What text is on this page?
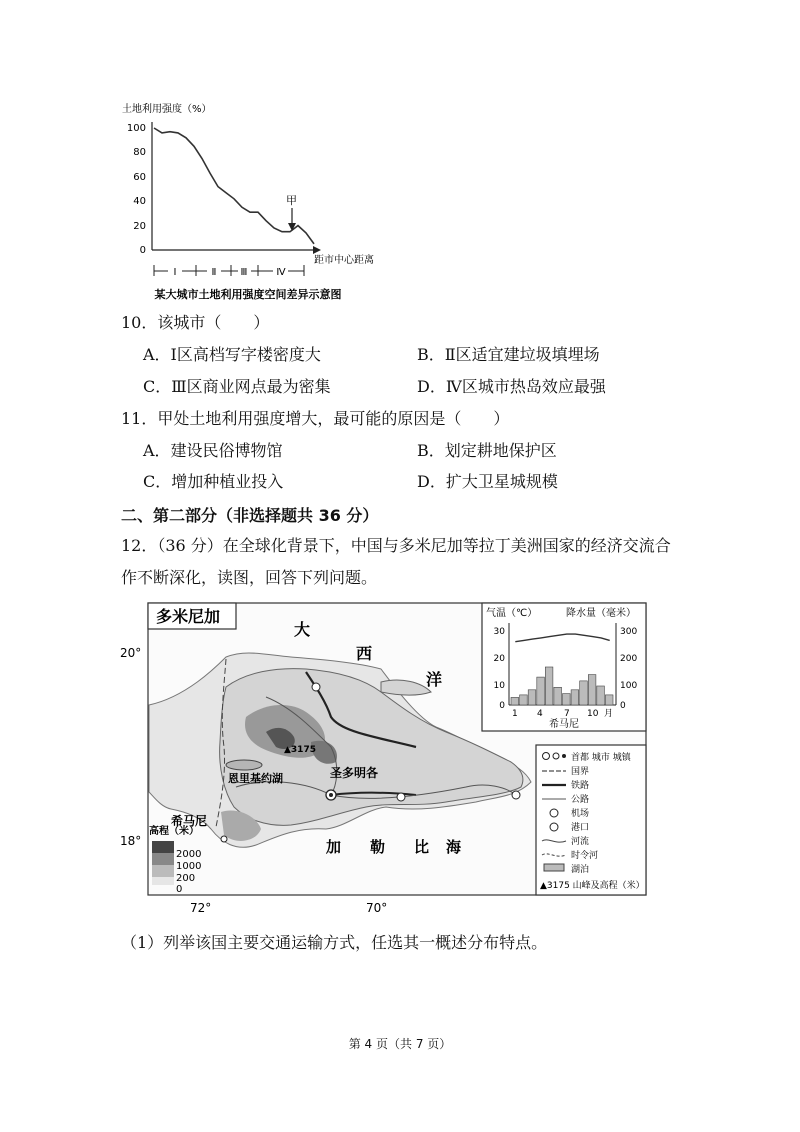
土地利用强度（%）
距市中心距离
100
80
60
40
20
0
甲
Ⅰ	Ⅱ Ⅲ	Ⅳ
某大城市土地利用强度空间差异示意图
10．该城市（　　）
A．Ⅰ区高档写字楼密度大	B．Ⅱ区适宜建垃圾填埋场
C．Ⅲ区商业网点最为密集	D．Ⅳ区城市热岛效应最强
11．甲处土地利用强度增大，最可能的原因是（　　）
A．建设民俗博物馆	B．划定耕地保护区
C．增加种植业投入	D．扩大卫星城规模
二、第二部分（非选择题共 36 分）
12．（36 分）在全球化背景下，中国与多米尼加等拉丁美洲国家的经济交流合
作不断深化，读图，回答下列问题。
20°
18°
72°	70°
多米尼加
大
西
洋
加 勒 比 海
恩里基约湖	圣多明各
希马尼
▲3175
高程（米）
2000
1000
200
0
气温（℃）	降水量（毫米）
30
20
10
0
300
200
100
0
1 4 7 10 月
希马尼
首都 城市 城镇
国界
铁路
公路
机场
港口
河流
时令河
湖泊
▲3175 山峰及高程（米）
（1）列举该国主要交通运输方式，任选其一概述分布特点。
第 4 页（共 7 页）
